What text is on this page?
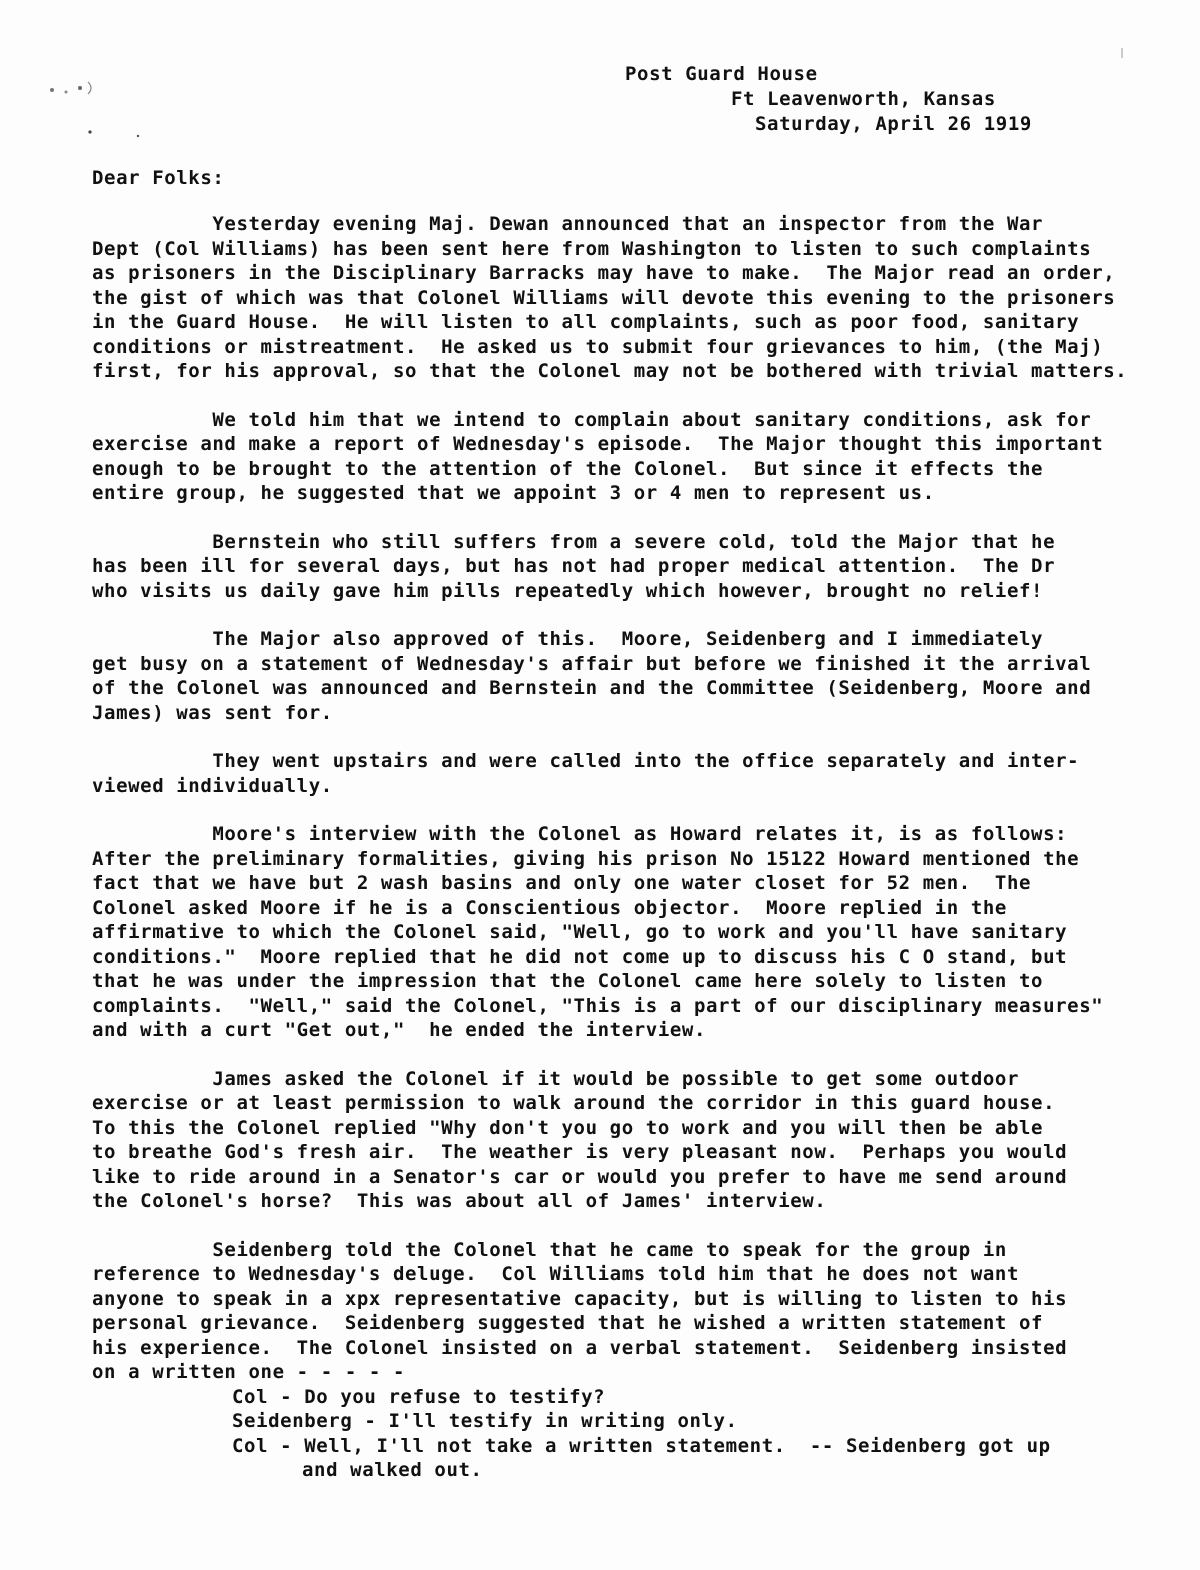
Post Guard House
Ft Leavenworth, Kansas
Saturday, April 26 1919
Dear Folks:
Yesterday evening Maj. Dewan announced that an inspector from the War
Dept (Col Williams) has been sent here from Washington to listen to such complaints
as prisoners in the Disciplinary Barracks may have to make.  The Major read an order,
the gist of which was that Colonel Williams will devote this evening to the prisoners
in the Guard House.  He will listen to all complaints, such as poor food, sanitary
conditions or mistreatment.  He asked us to submit four grievances to him, (the Maj)
first, for his approval, so that the Colonel may not be bothered with trivial matters.
We told him that we intend to complain about sanitary conditions, ask for
exercise and make a report of Wednesday's episode.  The Major thought this important
enough to be brought to the attention of the Colonel.  But since it effects the
entire group, he suggested that we appoint 3 or 4 men to represent us.
Bernstein who still suffers from a severe cold, told the Major that he
has been ill for several days, but has not had proper medical attention.  The Dr
who visits us daily gave him pills repeatedly which however, brought no relief!
The Major also approved of this.  Moore, Seidenberg and I immediately
get busy on a statement of Wednesday's affair but before we finished it the arrival
of the Colonel was announced and Bernstein and the Committee (Seidenberg, Moore and
James) was sent for.
They went upstairs and were called into the office separately and inter-
viewed individually.
Moore's interview with the Colonel as Howard relates it, is as follows:
After the preliminary formalities, giving his prison No 15122 Howard mentioned the
fact that we have but 2 wash basins and only one water closet for 52 men.  The
Colonel asked Moore if he is a Conscientious objector.  Moore replied in the
affirmative to which the Colonel said, "Well, go to work and you'll have sanitary
conditions."  Moore replied that he did not come up to discuss his C O stand, but
that he was under the impression that the Colonel came here solely to listen to
complaints.  "Well," said the Colonel, "This is a part of our disciplinary measures"
and with a curt "Get out,"  he ended the interview.
James asked the Colonel if it would be possible to get some outdoor
exercise or at least permission to walk around the corridor in this guard house.
To this the Colonel replied "Why don't you go to work and you will then be able
to breathe God's fresh air.  The weather is very pleasant now.  Perhaps you would
like to ride around in a Senator's car or would you prefer to have me send around
the Colonel's horse?  This was about all of James' interview.
Seidenberg told the Colonel that he came to speak for the group in
reference to Wednesday's deluge.  Col Williams told him that he does not want
anyone to speak in a xpx representative capacity, but is willing to listen to his
personal grievance.  Seidenberg suggested that he wished a written statement of
his experience.  The Colonel insisted on a verbal statement.  Seidenberg insisted
on a written one - - - - -
Col - Do you refuse to testify?
Seidenberg - I'll testify in writing only.
Col - Well, I'll not take a written statement.  -- Seidenberg got up
and walked out.
